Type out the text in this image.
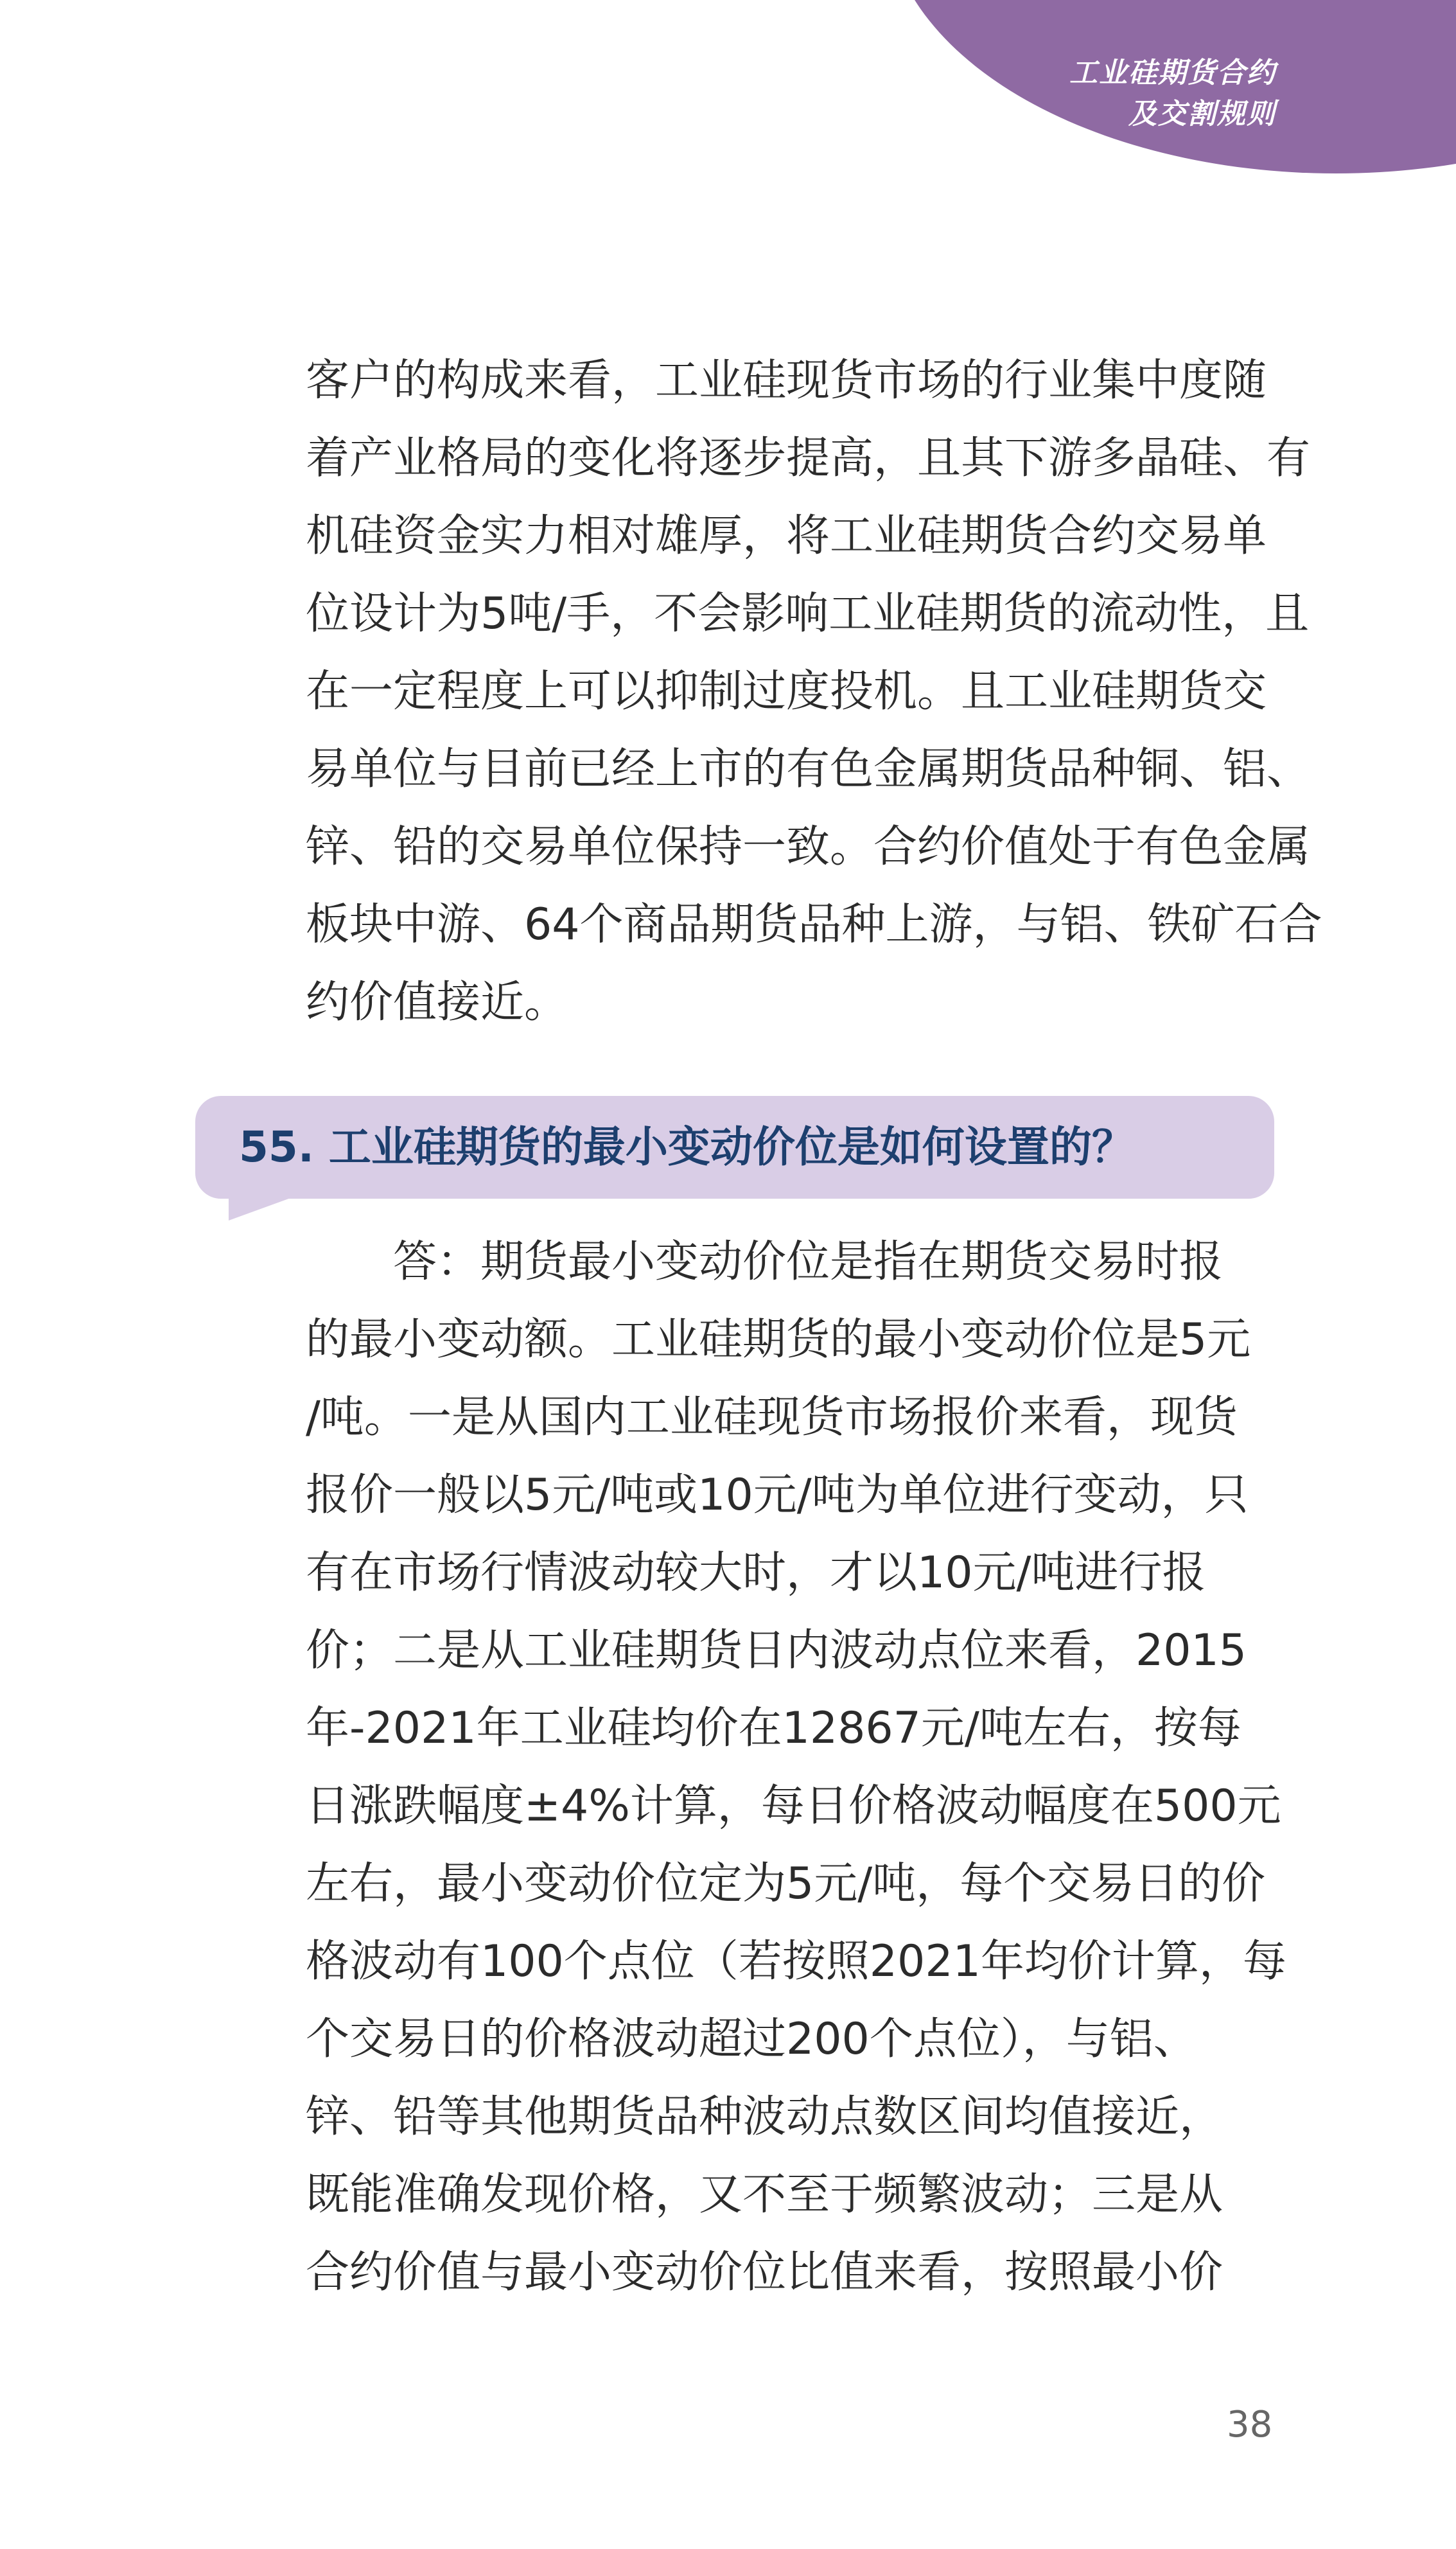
工业硅期货合约
及交割规则
客户的构成来看，工业硅现货市场的行业集中度随
着产业格局的变化将逐步提高，且其下游多晶硅、有
机硅资金实力相对雄厚，将工业硅期货合约交易单
位设计为5吨/手，不会影响工业硅期货的流动性，且
在一定程度上可以抑制过度投机。且工业硅期货交
易单位与目前已经上市的有色金属期货品种铜、铝、
锌、铅的交易单位保持一致。合约价值处于有色金属
板块中游、64个商品期货品种上游，与铝、铁矿石合
约价值接近。
55. 工业硅期货的最小变动价位是如何设置的？
　　答：期货最小变动价位是指在期货交易时报
的最小变动额。工业硅期货的最小变动价位是5元
/吨。一是从国内工业硅现货市场报价来看，现货
报价一般以5元/吨或10元/吨为单位进行变动，只
有在市场行情波动较大时，才以10元/吨进行报
价；二是从工业硅期货日内波动点位来看，2015
年-2021年工业硅均价在12867元/吨左右，按每
日涨跌幅度±4%计算，每日价格波动幅度在500元
左右，最小变动价位定为5元/吨，每个交易日的价
格波动有100个点位（若按照2021年均价计算，每
个交易日的价格波动超过200个点位），与铝、
锌、铅等其他期货品种波动点数区间均值接近，
既能准确发现价格，又不至于频繁波动；三是从
合约价值与最小变动价位比值来看，按照最小价
38
